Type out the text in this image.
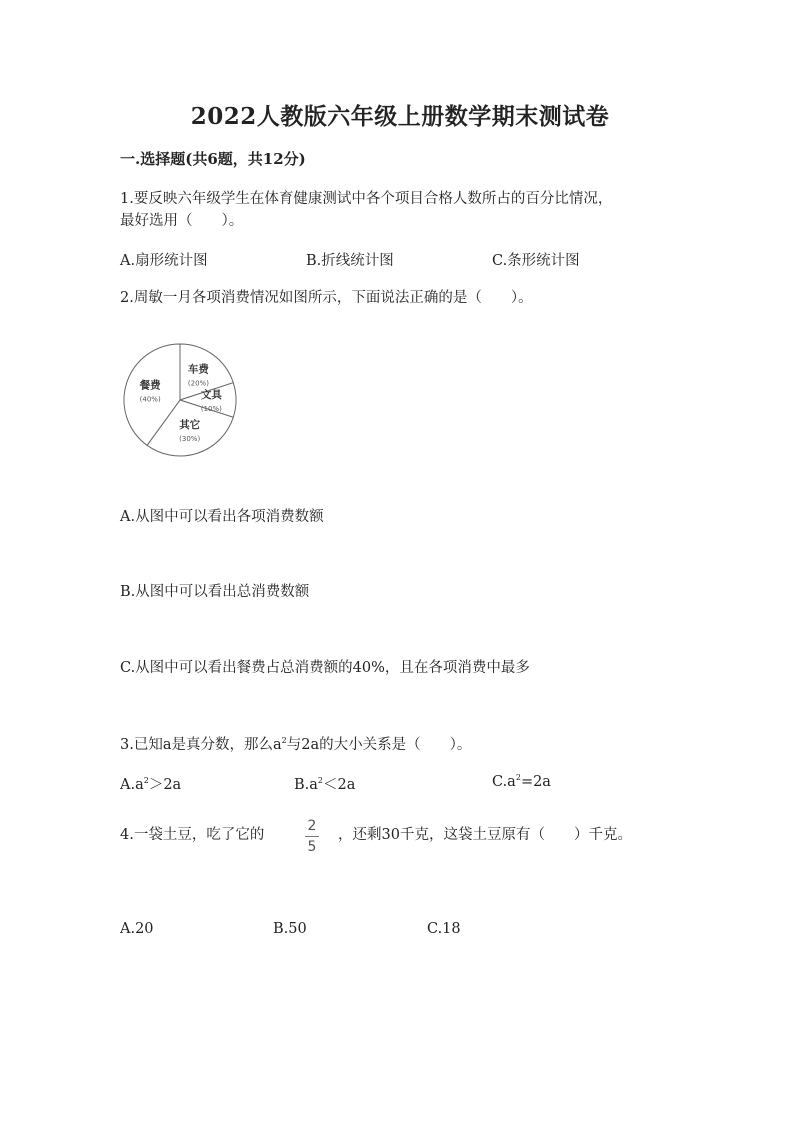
2022人教版六年级上册数学期末测试卷
一.选择题(共6题，共12分)
1.要反映六年级学生在体育健康测试中各个项目合格人数所占的百分比情况，
最好选用（　　）。
A.扇形统计图	B.折线统计图	C.条形统计图
2.周敏一月各项消费情况如图所示，下面说法正确的是（　　）。
车费
(20%)
文具
(10%)
其它
(30%)
餐费
(40%)
A.从图中可以看出各项消费数额
B.从图中可以看出总消费数额
C.从图中可以看出餐费占总消费额的40%，且在各项消费中最多
3.已知a是真分数，那么$a^2$与2a的大小关系是（　　）。
$A.a^2>2a$	$B.a^2<2a$	$C.a^2=2a$
4.一袋土豆，吃了它的
2
5
，还剩30千克，这袋土豆原有（　　）千克。
A.20	B.50	C.18
